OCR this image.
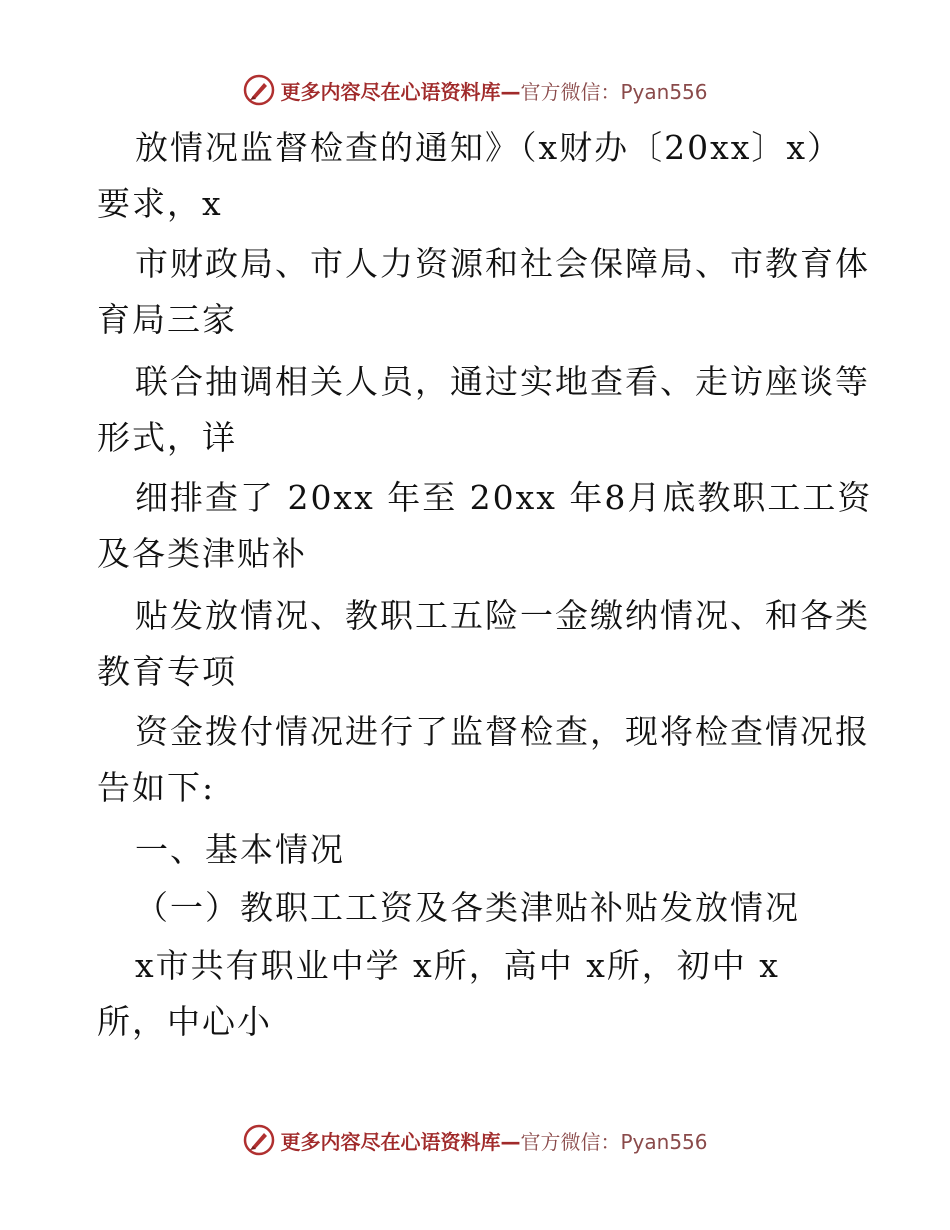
更多内容尽在心语资料库—官方微信：Pyan556
放情况监督检查的通知》（x财办〔20xx〕x）
要求，x
市财政局、市人力资源和社会保障局、市教育体
育局三家
联合抽调相关人员，通过实地查看、走访座谈等
形式，详
细排查了 20xx 年至 20xx 年8月底教职工工资
及各类津贴补
贴发放情况、教职工五险一金缴纳情况、和各类
教育专项
资金拨付情况进行了监督检查，现将检查情况报
告如下:
一、基本情况
（一）教职工工资及各类津贴补贴发放情况
x市共有职业中学 x所，高中 x所，初中 x
所，中心小
更多内容尽在心语资料库—官方微信：Pyan556
